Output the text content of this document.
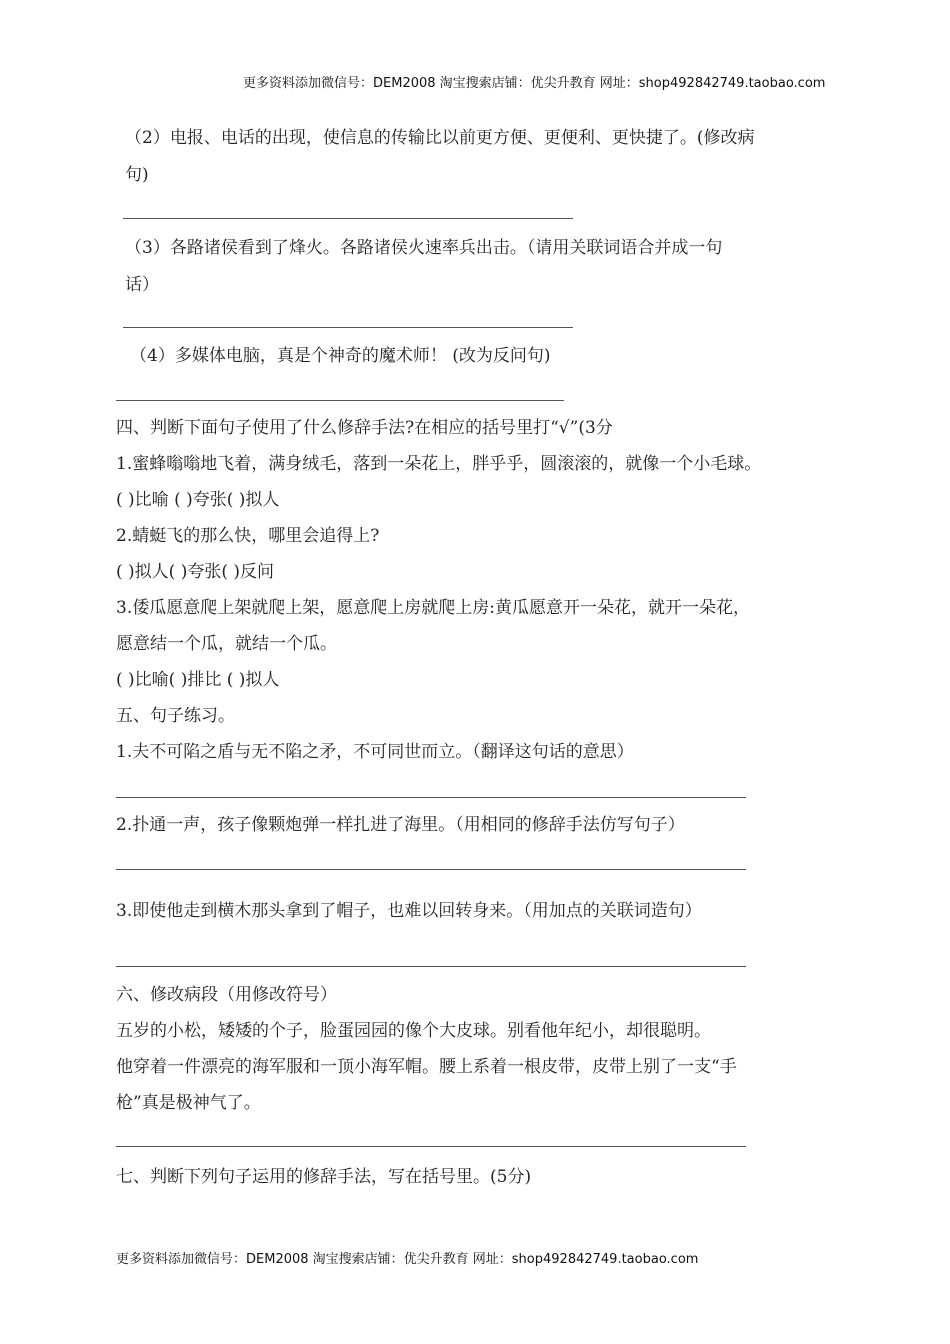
更多资料添加微信号：DEM2008 淘宝搜索店铺：优尖升教育 网址：shop492842749.taobao.com
（2）电报、电话的出现，使信息的传输比以前更方便、更便利、更快捷了。(修改病
句)
（3）各路诸侯看到了烽火。各路诸侯火速率兵出击。（请用关联词语合并成一句
话）
（4）多媒体电脑，真是个神奇的魔术师！ (改为反问句)
四、判断下面句子使用了什么修辞手法?在相应的括号里打“√”(3分
1.蜜蜂嗡嗡地飞着，满身绒毛，落到一朵花上，胖乎乎，圆滚滚的，就像一个小毛球。
( )比喻 ( )夸张( )拟人
2.蜻蜓飞的那么快，哪里会追得上?
( )拟人( )夸张( )反问
3.倭瓜愿意爬上架就爬上架，愿意爬上房就爬上房:黄瓜愿意开一朵花，就开一朵花，
愿意结一个瓜，就结一个瓜。
( )比喻( )排比 ( )拟人
五、句子练习。
1.夫不可陷之盾与无不陷之矛，不可同世而立。（翻译这句话的意思）
2.扑通一声，孩子像颗炮弹一样扎进了海里。（用相同的修辞手法仿写句子）
3.即使他走到横木那头拿到了帽子，也难以回转身来。（用加点的关联词造句）
六、修改病段（用修改符号）
五岁的小松，矮矮的个子，脸蛋园园的像个大皮球。别看他年纪小，却很聪明。
他穿着一件漂亮的海军服和一顶小海军帽。腰上系着一根皮带，皮带上别了一支“手
枪”真是极神气了。
七、判断下列句子运用的修辞手法，写在括号里。(5分)
更多资料添加微信号：DEM2008 淘宝搜索店铺：优尖升教育 网址：shop492842749.taobao.com
